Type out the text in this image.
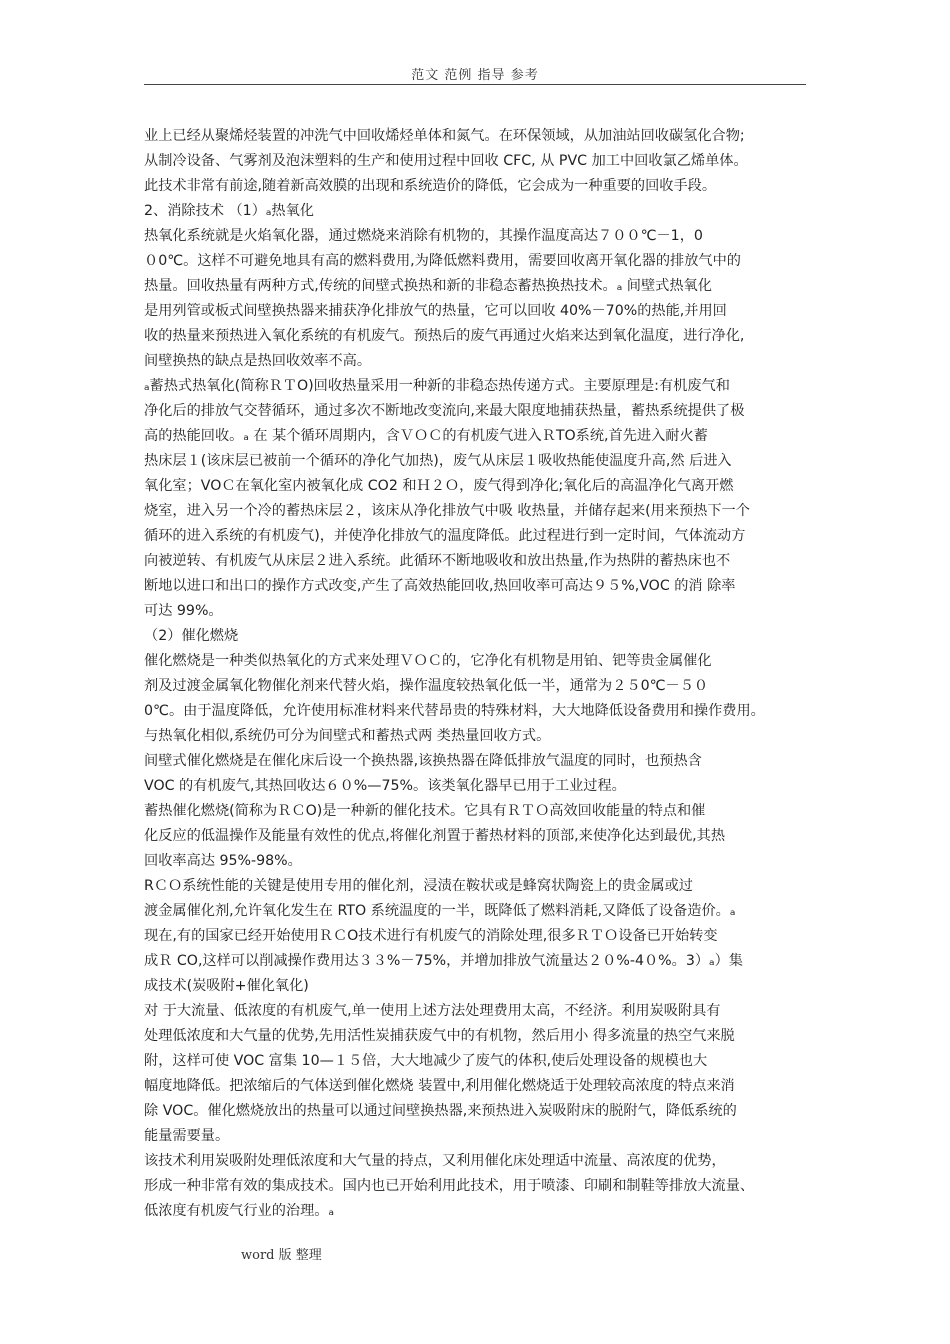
范文 范例 指导 参考
业上已经从聚烯烃装置的冲洗气中回收烯烃单体和氮气。在环保领域，从加油站回收碳氢化合物;
从制冷设备、气雾剂及泡沫塑料的生产和使用过程中回收 CFC, 从 PVC 加工中回收氯乙烯单体。
此技术非常有前途,随着新高效膜的出现和系统造价的降低，它会成为一种重要的回收手段。
2、消除技术 （1）ₐ热氧化
热氧化系统就是火焰氧化器，通过燃烧来消除有机物的，其操作温度高达７００℃－1，0
０0℃。这样不可避免地具有高的燃料费用,为降低燃料费用，需要回收离开氧化器的排放气中的
热量。回收热量有两种方式,传统的间壁式换热和新的非稳态蓄热换热技术。ₐ 间壁式热氧化
是用列管或板式间壁换热器来捕获净化排放气的热量，它可以回收 40%－70%的热能,并用回
收的热量来预热进入氧化系统的有机废气。预热后的废气再通过火焰来达到氧化温度，进行净化,
间壁换热的缺点是热回收效率不高。
ₐ蓄热式热氧化(简称ＲＴO)回收热量采用一种新的非稳态热传递方式。主要原理是:有机废气和
净化后的排放气交替循环，通过多次不断地改变流向,来最大限度地捕获热量，蓄热系统提供了极
高的热能回收。ₐ 在 某个循环周期内，含ＶＯＣ的有机废气进入ＲTO系统,首先进入耐火蓄
热床层１(该床层已被前一个循环的净化气加热)，废气从床层１吸收热能使温度升高,然 后进入
氧化室；VOＣ在氧化室内被氧化成 CO2 和Ｈ２Ｏ，废气得到净化;氧化后的高温净化气离开燃
烧室，进入另一个冷的蓄热床层２，该床从净化排放气中吸 收热量，并储存起来(用来预热下一个
循环的进入系统的有机废气)，并使净化排放气的温度降低。此过程进行到一定时间，气体流动方
向被逆转、有机废气从床层２进入系统。此循环不断地吸收和放出热量,作为热阱的蓄热床也不
断地以进口和出口的操作方式改变,产生了高效热能回收,热回收率可高达９５%,VOC 的消 除率
可达 99%。
（2）催化燃烧
催化燃烧是一种类似热氧化的方式来处理ＶＯＣ的，它净化有机物是用铂、钯等贵金属催化
剂及过渡金属氧化物催化剂来代替火焰，操作温度较热氧化低一半，通常为２５0℃－５０
0℃。由于温度降低，允许使用标准材料来代替昂贵的特殊材料，大大地降低设备费用和操作费用。
与热氧化相似,系统仍可分为间壁式和蓄热式两 类热量回收方式。
间壁式催化燃烧是在催化床后设一个换热器,该换热器在降低排放气温度的同时，也预热含
VOC 的有机废气,其热回收达６０%—75%。该类氧化器早已用于工业过程。
蓄热催化燃烧(简称为ＲＣO)是一种新的催化技术。它具有ＲＴＯ高效回收能量的特点和催
化反应的低温操作及能量有效性的优点,将催化剂置于蓄热材料的顶部,来使净化达到最优,其热
回收率高达 95%-98%。
RＣＯ系统性能的关键是使用专用的催化剂，浸渍在鞍状或是蜂窝状陶瓷上的贵金属或过
渡金属催化剂,允许氧化发生在 RTO 系统温度的一半，既降低了燃料消耗,又降低了设备造价。ₐ
现在,有的国家已经开始使用ＲＣO技术进行有机废气的消除处理,很多ＲＴＯ设备已开始转变
成Ｒ CO,这样可以削减操作费用达３３%－75%，并增加排放气流量达２０%-4０%。3）ₐ）集
成技术(炭吸附+催化氧化)
对 于大流量、低浓度的有机废气,单一使用上述方法处理费用太高，不经济。利用炭吸附具有
处理低浓度和大气量的优势,先用活性炭捕获废气中的有机物，然后用小 得多流量的热空气来脱
附，这样可使 VOC 富集 10—１５倍，大大地减少了废气的体积,使后处理设备的规模也大
幅度地降低。把浓缩后的气体送到催化燃烧 装置中,利用催化燃烧适于处理较高浓度的特点来消
除 VOC。催化燃烧放出的热量可以通过间壁换热器,来预热进入炭吸附床的脱附气，降低系统的
能量需要量。
该技术利用炭吸附处理低浓度和大气量的持点，又利用催化床处理适中流量、高浓度的优势，
形成一种非常有效的集成技术。国内也已开始利用此技术，用于喷漆、印刷和制鞋等排放大流量、
低浓度有机废气行业的治理。ₐ
word 版 整理
